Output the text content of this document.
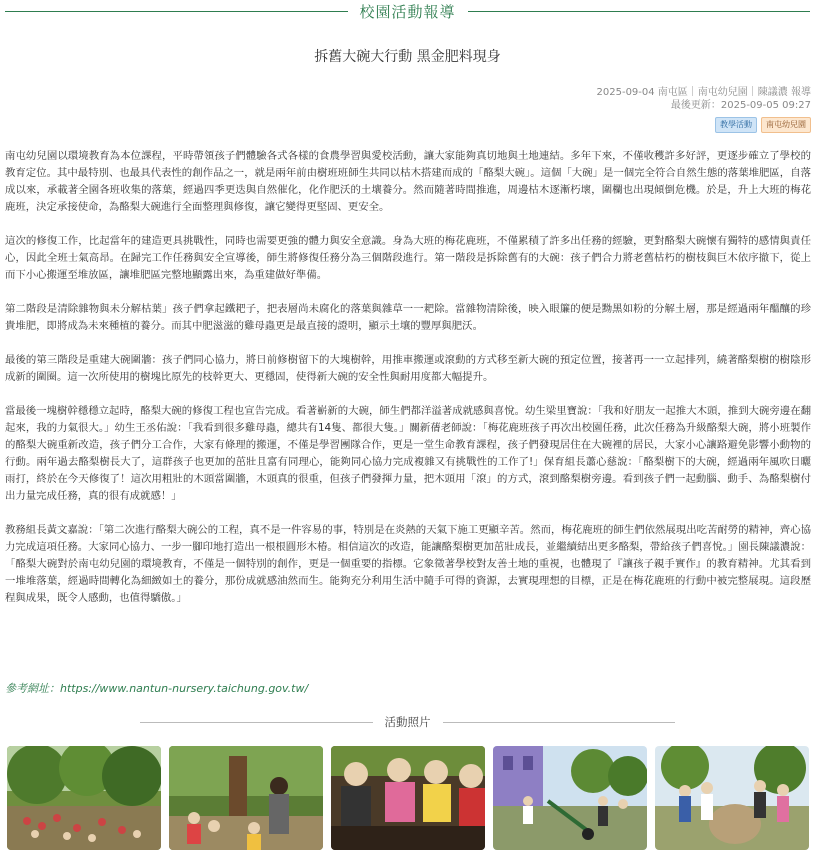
校園活動報導
拆舊大碗大行動 黑金肥料現身
2025-09-04 南屯區｜南屯幼兒園｜陳議濃 報導
最後更新：2025-09-05 09:27
教學活動	南屯幼兒園

南屯幼兒園以環境教育為本位課程，平時帶領孩子們體驗各式各樣的食農學習與愛校活動，讓大家能夠真切地與土地連結。多年下來，不僅收穫許多好評，更逐步確立了學校的教育定位。其中最特別、也最具代表性的創作品之一，就是兩年前由樹班班師生共同以枯木搭建而成的「酪梨大碗」。這個「大碗」是一個完全符合自然生態的落葉堆肥區，自落成以來，承載著全園各班收集的落葉，經過四季更迭與自然催化，化作肥沃的土壤養分。然而隨著時間推進，周邊枯木逐漸朽壞，圍欄也出現傾倒危機。於是，升上大班的梅花鹿班，決定承接使命，為酪梨大碗進行全面整理與修復，讓它變得更堅固、更安全。

這次的修復工作，比起當年的建造更具挑戰性，同時也需要更強的體力與安全意識。身為大班的梅花鹿班，不僅累積了許多出任務的經驗，更對酪梨大碗懷有獨特的感情與責任心，因此全班士氣高昂。在歸完工作任務與安全宣導後，師生將修復任務分為三個階段進行。第一階段是拆除舊有的大碗：孩子們合力將老舊枯朽的樹枝與巨木依序撤下，從上而下小心搬運至堆放區，讓堆肥區完整地顯露出來，為重建做好準備。

第二階段是清除雜物與未分解枯葉」孩子們拿起鐵耙子，把表層尚未腐化的落葉與雜草一一耙除。當雜物清除後，映入眼簾的便是黝黑如粉的分解土層，那是經過兩年醞釀的珍貴堆肥，即將成為未來種植的養分。而其中肥滋滋的雞母蟲更是最直接的證明，顯示土壤的豐厚與肥沃。

最後的第三階段是重建大碗圍牆：孩子們同心協力，將日前修樹留下的大塊樹幹，用推車搬運或滾動的方式移至新大碗的預定位置，接著再一一立起排列，繞著酪梨樹的樹陰形成新的圍圈。這一次所使用的樹塊比原先的枝幹更大、更穩固，使得新大碗的安全性與耐用度都大幅提升。

當最後一塊樹幹穩穩立起時，酪梨大碗的修復工程也宣告完成。看著嶄新的大碗，師生們都洋溢著成就感與喜悅。幼生梁里寶說：「我和好朋友一起推大木頭，推到大碗旁邊在翻起來，我的力氣很大。」幼生王丞佑說：「我看到很多雞母蟲，總共有14隻、都很大隻。」關新蒨老師說：「梅花鹿班孩子再次出校園任務，此次任務為升級酪梨大碗，將小班製作的酪梨大碗重新改造，孩子們分工合作，大家有條理的搬運，不僅是學習團隊合作，更是一堂生命教育課程，孩子們發現居住在大碗裡的居民，大家小心讓路避免影響小動物的行動。兩年過去酪梨樹長大了，這群孩子也更加的茁壯且富有同理心，能夠同心協力完成複雜又有挑戰性的工作了!」保育組長蕭心慈說：「酪梨樹下的大碗，經過兩年風吹日曬雨打，終於在今天修復了！這次用粗壯的木頭當圍牆，木頭真的很重，但孩子們發揮力量，把木頭用「滾」的方式，滾到酪梨樹旁邊。看到孩子們一起動腦、動手、為酪梨樹付出力量完成任務，真的很有成就感！」

教務組長黃文嘉說：「第二次進行酪梨大碗公的工程，真不是一件容易的事，特別是在炎熱的天氣下施工更顯辛苦。然而，梅花鹿班的師生們依然展現出吃苦耐勞的精神，齊心協力完成這項任務。大家同心協力、一步一腳印地打造出一根根圓形木椿。相信這次的改造，能讓酪梨樹更加茁壯成長，並繼續結出更多酪梨，帶給孩子們喜悅。」園長陳議濃說：「酪梨大碗對於南屯幼兒園的環境教育，不僅是一個特別的創作，更是一個重要的指標。它象徵著學校對友善土地的重視，也體現了『讓孩子親手實作』的教育精神。尤其看到一堆堆落葉，經過時間轉化為細緻如土的養分，那份成就感油然而生。能夠充分利用生活中隨手可得的資源，去實現理想的目標，正是在梅花鹿班的行動中被完整展現。這段歷程與成果，既令人感動，也值得驕傲。」

參考網址：https://www.nantun-nursery.taichung.gov.tw/
活動照片
